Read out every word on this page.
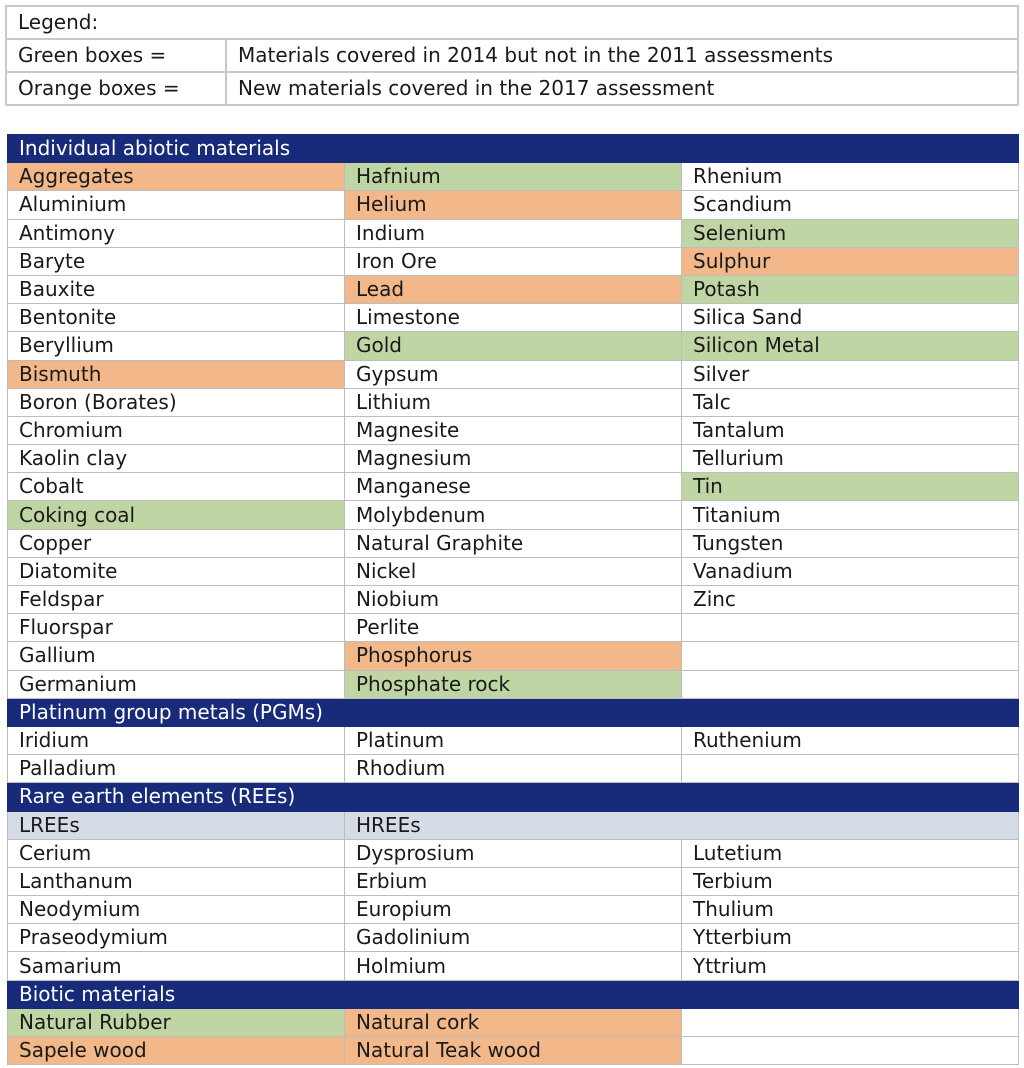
Legend:	
Green boxes =	Materials covered in 2014 but not in the 2011 assessments
Orange boxes =	New materials covered in the 2017 assessment
Individual abiotic materials		
Aggregates	Hafnium	Rhenium
Aluminium	Helium	Scandium
Antimony	Indium	Selenium
Baryte	Iron Ore	Sulphur
Bauxite	Lead	Potash
Bentonite	Limestone	Silica Sand
Beryllium	Gold	Silicon Metal
Bismuth	Gypsum	Silver
Boron (Borates)	Lithium	Talc
Chromium	Magnesite	Tantalum
Kaolin clay	Magnesium	Tellurium
Cobalt	Manganese	Tin
Coking coal	Molybdenum	Titanium
Copper	Natural Graphite	Tungsten
Diatomite	Nickel	Vanadium
Feldspar	Niobium	Zinc
Fluorspar	Perlite	
Gallium	Phosphorus	
Germanium	Phosphate rock	
Platinum group metals (PGMs)		
Iridium	Platinum	Ruthenium
Palladium	Rhodium	
Rare earth elements (REEs)		
LREEs	HREEs	
Cerium	Dysprosium	Lutetium
Lanthanum	Erbium	Terbium
Neodymium	Europium	Thulium
Praseodymium	Gadolinium	Ytterbium
Samarium	Holmium	Yttrium
Biotic materials		
Natural Rubber	Natural cork	
Sapele wood	Natural Teak wood	
